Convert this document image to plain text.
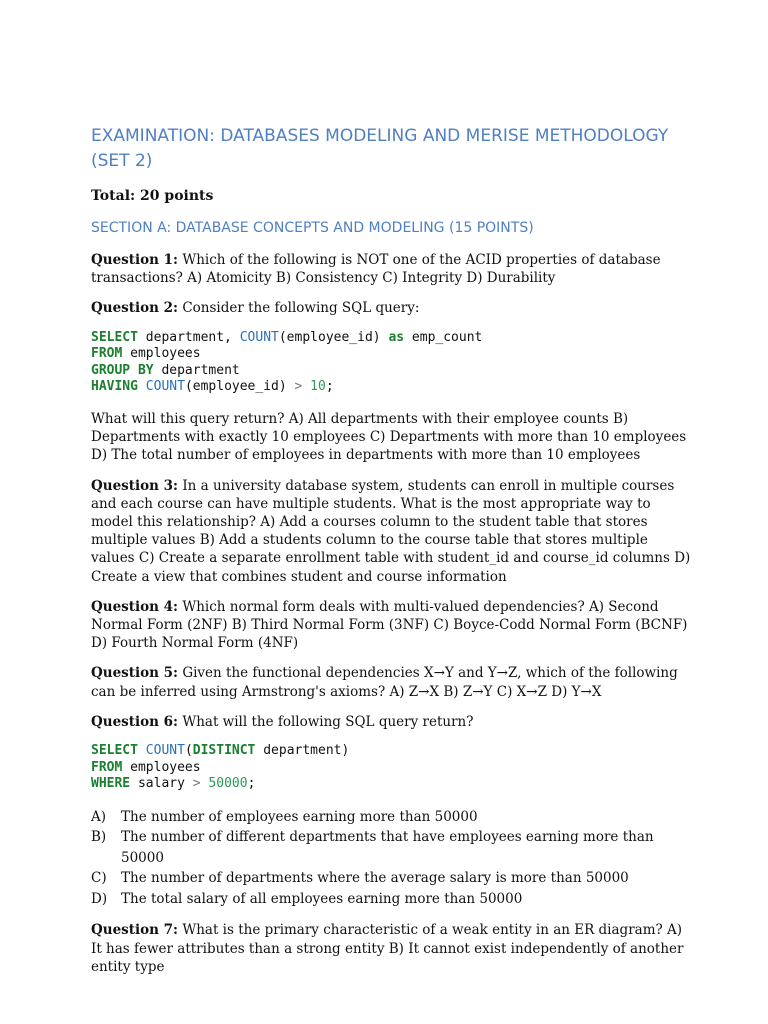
EXAMINATION: DATABASES MODELING AND MERISE METHODOLOGY (SET 2)

Total: 20 points

SECTION A: DATABASE CONCEPTS AND MODELING (15 POINTS)

Question 1: Which of the following is NOT one of the ACID properties of database transactions? A) Atomicity B) Consistency C) Integrity D) Durability

Question 2: Consider the following SQL query:

SELECT department, COUNT(employee_id) as emp_count
FROM employees
GROUP BY department
HAVING COUNT(employee_id) > 10;

What will this query return? A) All departments with their employee counts B) Departments with exactly 10 employees C) Departments with more than 10 employees D) The total number of employees in departments with more than 10 employees

Question 3: In a university database system, students can enroll in multiple courses and each course can have multiple students. What is the most appropriate way to model this relationship? A) Add a courses column to the student table that stores multiple values B) Add a students column to the course table that stores multiple values C) Create a separate enrollment table with student_id and course_id columns D) Create a view that combines student and course information

Question 4: Which normal form deals with multi-valued dependencies? A) Second Normal Form (2NF) B) Third Normal Form (3NF) C) Boyce-Codd Normal Form (BCNF) D) Fourth Normal Form (4NF)

Question 5: Given the functional dependencies X→Y and Y→Z, which of the following can be inferred using Armstrong's axioms? A) Z→X B) Z→Y C) X→Z D) Y→X

Question 6: What will the following SQL query return?

SELECT COUNT(DISTINCT department)
FROM employees
WHERE salary > 50000;
A)	The number of employees earning more than 50000
B)	The number of different departments that have employees earning more than 50000
C)	The number of departments where the average salary is more than 50000
D)	The total salary of all employees earning more than 50000

Question 7: What is the primary characteristic of a weak entity in an ER diagram? A) It has fewer attributes than a strong entity B) It cannot exist independently of another entity type
